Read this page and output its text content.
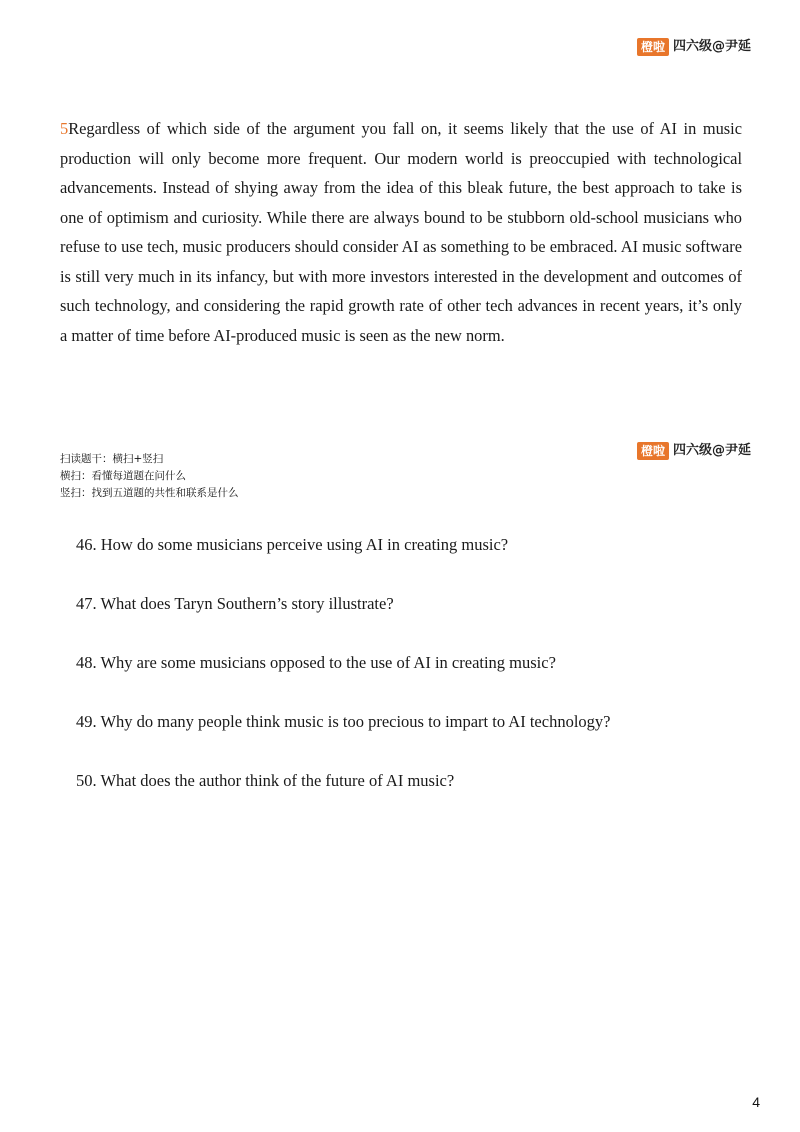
橙啦 四六级@尹延

5Regardless of which side of the argument you fall on, it seems likely that the use of AI in music production will only become more frequent. Our modern world is preoccupied with technological advancements. Instead of shying away from the idea of this bleak future, the best approach to take is one of optimism and curiosity. While there are always bound to be stubborn old-school musicians who refuse to use tech, music producers should consider AI as something to be embraced. AI music software is still very much in its infancy, but with more investors interested in the development and outcomes of such technology, and considering the rapid growth rate of other tech advances in recent years, it’s only a matter of time before AI-produced music is seen as the new norm.

橙啦 四六级@尹延
扫读题干：横扫+竖扫
横扫：看懂每道题在问什么
竖扫：找到五道题的共性和联系是什么
46. How do some musicians perceive using AI in creating music?
47. What does Taryn Southern’s story illustrate?
48. Why are some musicians opposed to the use of AI in creating music?
49. Why do many people think music is too precious to impart to AI technology?
50. What does the author think of the future of AI music?
4
